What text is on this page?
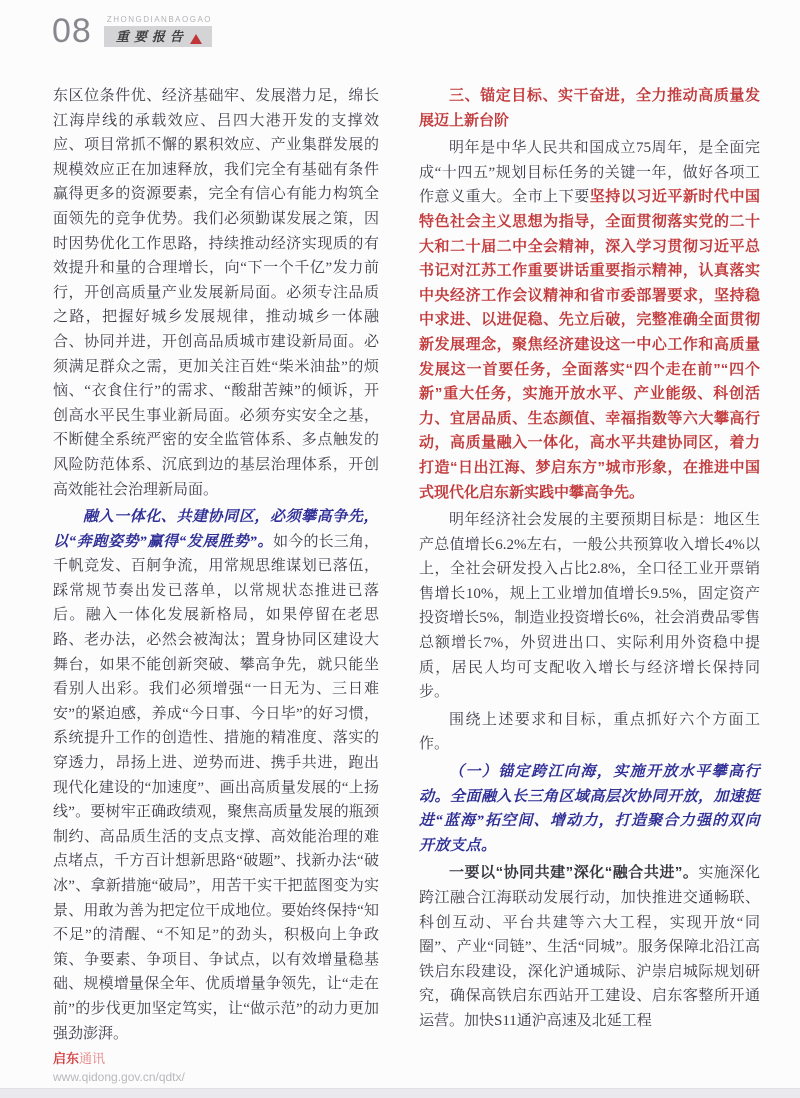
08 ZHONGDIANBAOGAO
重要报告

东区位条件优、经济基础牢、发展潜力足，绵长江海岸线的承载效应、吕四大港开发的支撑效应、项目常抓不懈的累积效应、产业集群发展的规模效应正在加速释放，我们完全有基础有条件赢得更多的资源要素，完全有信心有能力构筑全面领先的竞争优势。我们必须勤谋发展之策，因时因势优化工作思路，持续推动经济实现质的有效提升和量的合理增长，向“下一个千亿”发力前行，开创高质量产业发展新局面。必须专注品质之路，把握好城乡发展规律，推动城乡一体融合、协同并进，开创高品质城市建设新局面。必须满足群众之需，更加关注百姓“柴米油盐”的烦恼、“衣食住行”的需求、“酸甜苦辣”的倾诉，开创高水平民生事业新局面。必须夯实安全之基，不断健全系统严密的安全监管体系、多点触发的风险防范体系、沉底到边的基层治理体系，开创高效能社会治理新局面。

融入一体化、共建协同区，必须攀高争先，以“奔跑姿势”赢得“发展胜势”。如今的长三角，千帆竞发、百舸争流，用常规思维谋划已落伍，踩常规节奏出发已落单，以常规状态推进已落后。融入一体化发展新格局，如果停留在老思路、老办法，必然会被淘汰；置身协同区建设大舞台，如果不能创新突破、攀高争先，就只能坐看别人出彩。我们必须增强“一日无为、三日难安”的紧迫感，养成“今日事、今日毕”的好习惯，系统提升工作的创造性、措施的精准度、落实的穿透力，昂扬上进、逆势而进、携手共进，跑出现代化建设的“加速度”、画出高质量发展的“上扬线”。要树牢正确政绩观，聚焦高质量发展的瓶颈制约、高品质生活的支点支撑、高效能治理的难点堵点，千方百计想新思路“破题”、找新办法“破冰”、拿新措施“破局”，用苦干实干把蓝图变为实景、用敢为善为把定位干成地位。要始终保持“知不足”的清醒、“不知足”的劲头，积极向上争政策、争要素、争项目、争试点，以有效增量稳基础、规模增量保全年、优质增量争领先，让“走在前”的步伐更加坚定笃实，让“做示范”的动力更加强劲澎湃。

三、锚定目标、实干奋进，全力推动高质量发展迈上新台阶

明年是中华人民共和国成立75周年，是全面完成“十四五”规划目标任务的关键一年，做好各项工作意义重大。全市上下要坚持以习近平新时代中国特色社会主义思想为指导，全面贯彻落实党的二十大和二十届二中全会精神，深入学习贯彻习近平总书记对江苏工作重要讲话重要指示精神，认真落实中央经济工作会议精神和省市委部署要求，坚持稳中求进、以进促稳、先立后破，完整准确全面贯彻新发展理念，聚焦经济建设这一中心工作和高质量发展这一首要任务，全面落实“四个走在前”“四个新”重大任务，实施开放水平、产业能级、科创活力、宜居品质、生态颜值、幸福指数等六大攀高行动，高质量融入一体化，高水平共建协同区，着力打造“日出江海、梦启东方”城市形象，在推进中国式现代化启东新实践中攀高争先。

明年经济社会发展的主要预期目标是：地区生产总值增长6.2%左右，一般公共预算收入增长4%以上，全社会研发投入占比2.8%，全口径工业开票销售增长10%，规上工业增加值增长9.5%，固定资产投资增长5%，制造业投资增长6%，社会消费品零售总额增长7%，外贸进出口、实际利用外资稳中提质，居民人均可支配收入增长与经济增长保持同步。

围绕上述要求和目标，重点抓好六个方面工作。

（一）锚定跨江向海，实施开放水平攀高行动。全面融入长三角区域高层次协同开放，加速挺进“蓝海”拓空间、增动力，打造聚合力强的双向开放支点。

一要以“协同共建”深化“融合共进”。实施深化跨江融合江海联动发展行动，加快推进交通畅联、科创互动、平台共建等六大工程，实现开放“同圈”、产业“同链”、生活“同城”。服务保障北沿江高铁启东段建设，深化沪通城际、沪崇启城际规划研究，确保高铁启东西站开工建设、启东客整所开通运营。加快S11通沪高速及北延工程

启东通讯
www.qidong.gov.cn/qdtx/
